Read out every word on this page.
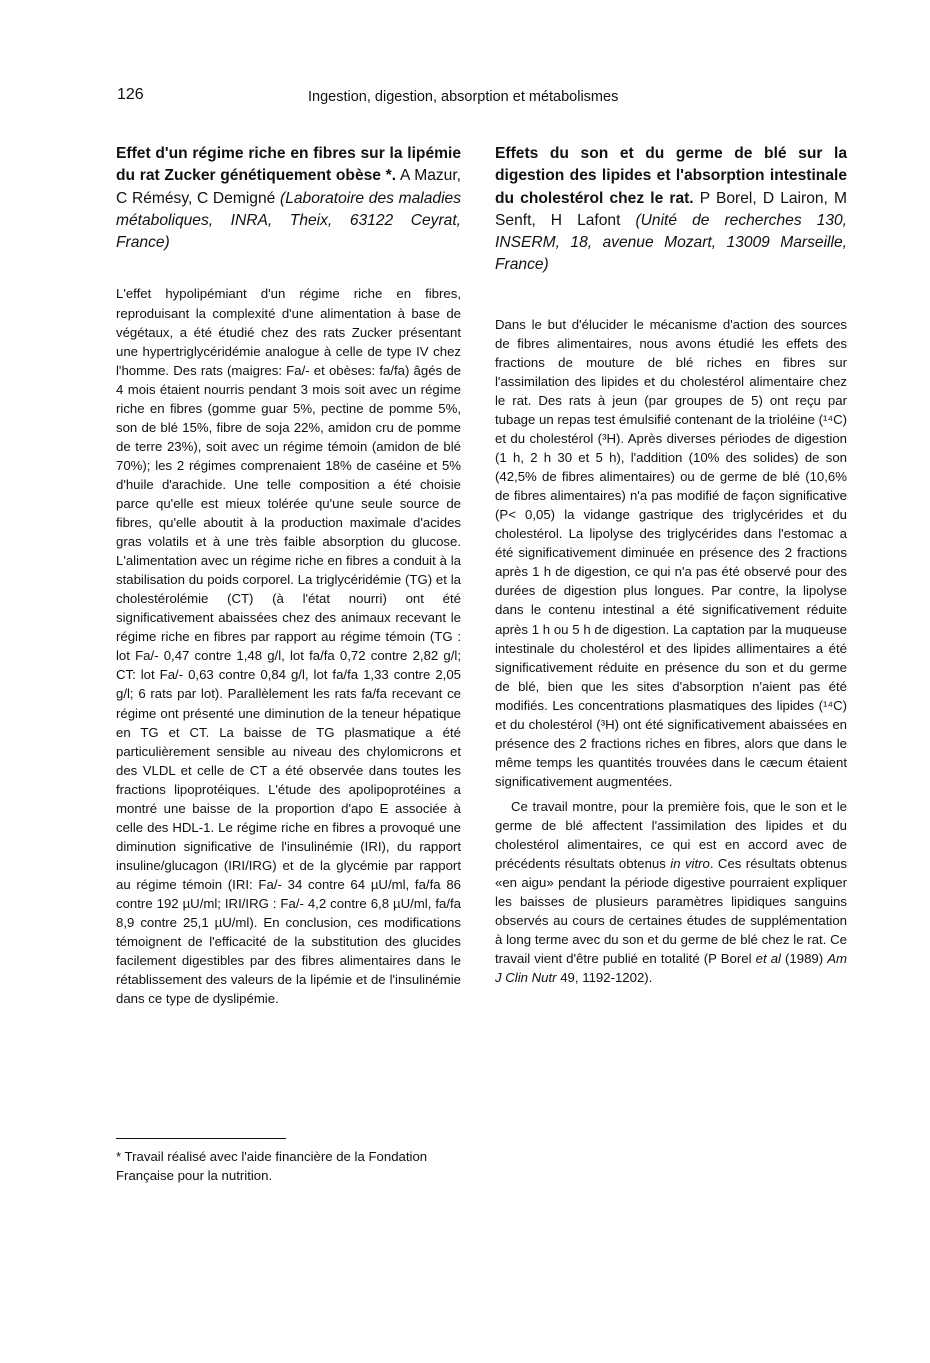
126	Ingestion, digestion, absorption et métabolismes
Effet d'un régime riche en fibres sur la lipémie du rat Zucker génétiquement obèse *. A Mazur, C Rémésy, C Demigné (Laboratoire des maladies métaboliques, INRA, Theix, 63122 Ceyrat, France)

L'effet hypolipémiant d'un régime riche en fibres, reproduisant la complexité d'une alimentation à base de végétaux, a été étudié chez des rats Zucker présentant une hypertriglycéridémie analogue à celle de type IV chez l'homme. Des rats (maigres: Fa/- et obèses: fa/fa) âgés de 4 mois étaient nourris pendant 3 mois soit avec un régime riche en fibres (gomme guar 5%, pectine de pomme 5%, son de blé 15%, fibre de soja 22%, amidon cru de pomme de terre 23%), soit avec un régime témoin (amidon de blé 70%); les 2 régimes comprenaient 18% de caséine et 5% d'huile d'arachide. Une telle composition a été choisie parce qu'elle est mieux tolérée qu'une seule source de fibres, qu'elle aboutit à la production maximale d'acides gras volatils et à une très faible absorption du glucose. L'alimentation avec un régime riche en fibres a conduit à la stabilisation du poids corporel. La triglycéridémie (TG) et la cholestérolémie (CT) (à l'état nourri) ont été significativement abaissées chez des animaux recevant le régime riche en fibres par rapport au régime témoin (TG : lot Fa/- 0,47 contre 1,48 g/l, lot fa/fa 0,72 contre 2,82 g/l; CT: lot Fa/- 0,63 contre 0,84 g/l, lot fa/fa 1,33 contre 2,05 g/l; 6 rats par lot). Parallèlement les rats fa/fa recevant ce régime ont présenté une diminution de la teneur hépatique en TG et CT. La baisse de TG plasmatique a été particulièrement sensible au niveau des chylomicrons et des VLDL et celle de CT a été observée dans toutes les fractions lipoprotéiques. L'étude des apolipoprotéines a montré une baisse de la proportion d'apo E associée à celle des HDL-1. Le régime riche en fibres a provoqué une diminution significative de l'insulinémie (IRI), du rapport insuline/glucagon (IRI/IRG) et de la glycémie par rapport au régime témoin (IRI: Fa/- 34 contre 64 µU/ml, fa/fa 86 contre 192 µU/ml; IRI/IRG : Fa/- 4,2 contre 6,8 µU/ml, fa/fa 8,9 contre 25,1 µU/ml). En conclusion, ces modifications témoignent de l'efficacité de la substitution des glucides facilement digestibles par des fibres alimentaires dans le rétablissement des valeurs de la lipémie et de l'insulinémie dans ce type de dyslipémie.

* Travail réalisé avec l'aide financière de la Fondation Française pour la nutrition.
Effets du son et du germe de blé sur la digestion des lipides et l'absorption intestinale du cholestérol chez le rat. P Borel, D Lairon, M Senft, H Lafont (Unité de recherches 130, INSERM, 18, avenue Mozart, 13009 Marseille, France)

Dans le but d'élucider le mécanisme d'action des sources de fibres alimentaires, nous avons étudié les effets des fractions de mouture de blé riches en fibres sur l'assimilation des lipides et du cholestérol alimentaire chez le rat. Des rats à jeun (par groupes de 5) ont reçu par tubage un repas test émulsifié contenant de la trioléine (¹⁴C) et du cholestérol (³H). Après diverses périodes de digestion (1 h, 2 h 30 et 5 h), l'addition (10% des solides) de son (42,5% de fibres alimentaires) ou de germe de blé (10,6% de fibres alimentaires) n'a pas modifié de façon significative (P< 0,05) la vidange gastrique des triglycérides et du cholestérol. La lipolyse des triglycérides dans l'estomac a été significativement diminuée en présence des 2 fractions après 1 h de digestion, ce qui n'a pas été observé pour des durées de digestion plus longues. Par contre, la lipolyse dans le contenu intestinal a été significativement réduite après 1 h ou 5 h de digestion. La captation par la muqueuse intestinale du cholestérol et des lipides allimentaires a été significativement réduite en présence du son et du germe de blé, bien que les sites d'absorption n'aient pas été modifiés. Les concentrations plasmatiques des lipides (¹⁴C) et du cholestérol (³H) ont été significativement abaissées en présence des 2 fractions riches en fibres, alors que dans le même temps les quantités trouvées dans le cæcum étaient significativement augmentées.

Ce travail montre, pour la première fois, que le son et le germe de blé affectent l'assimilation des lipides et du cholestérol alimentaires, ce qui est en accord avec de précédents résultats obtenus in vitro. Ces résultats obtenus «en aigu» pendant la période digestive pourraient expliquer les baisses de plusieurs paramètres lipidiques sanguins observés au cours de certaines études de supplémentation à long terme avec du son et du germe de blé chez le rat. Ce travail vient d'être publié en totalité (P Borel et al (1989) Am J Clin Nutr 49, 1192-1202).
